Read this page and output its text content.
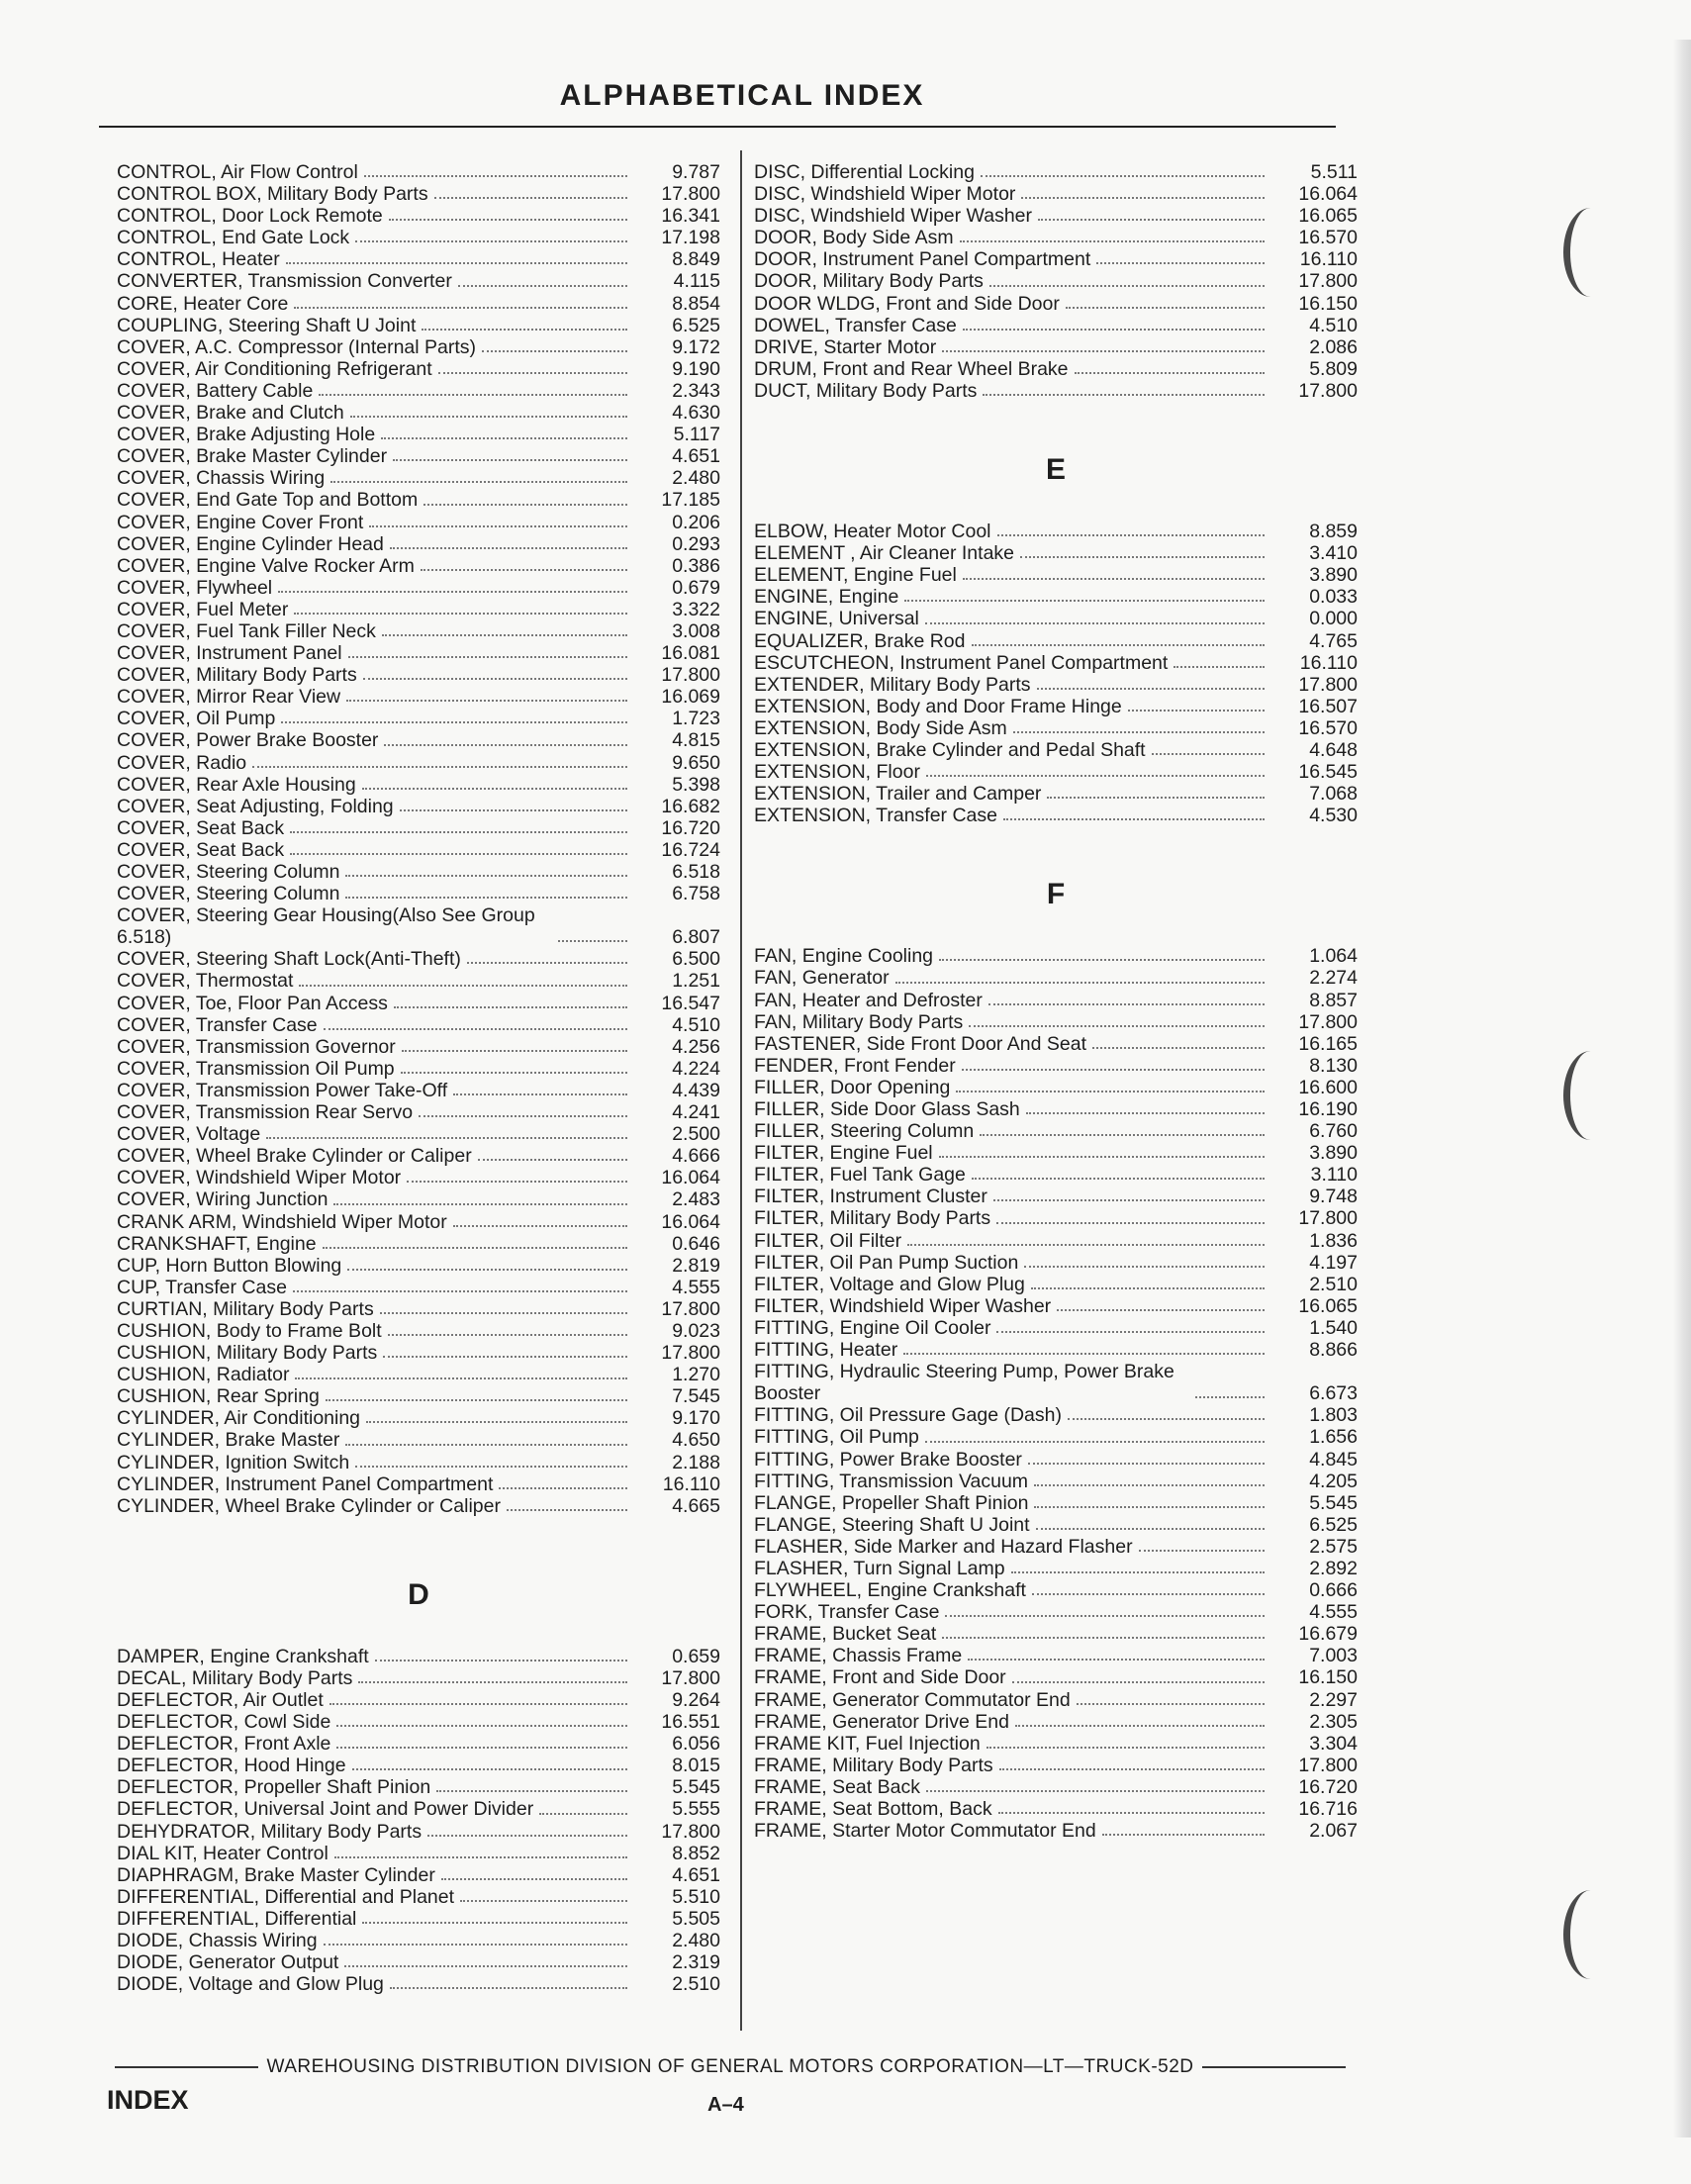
ALPHABETICAL INDEX
CONTROL, Air Flow Control	9.787
CONTROL BOX, Military Body Parts	17.800
CONTROL, Door Lock Remote	16.341
CONTROL, End Gate Lock	17.198
CONTROL, Heater	8.849
CONVERTER, Transmission Converter	4.115
CORE, Heater Core	8.854
COUPLING, Steering Shaft U Joint	6.525
COVER, A.C. Compressor (Internal Parts)	9.172
COVER, Air Conditioning Refrigerant	9.190
COVER, Battery Cable	2.343
COVER, Brake and Clutch	4.630
COVER, Brake Adjusting Hole	5.117
COVER, Brake Master Cylinder	4.651
COVER, Chassis Wiring	2.480
COVER, End Gate Top and Bottom	17.185
COVER, Engine Cover Front	0.206
COVER, Engine Cylinder Head	0.293
COVER, Engine Valve Rocker Arm	0.386
COVER, Flywheel	0.679
COVER, Fuel Meter	3.322
COVER, Fuel Tank Filler Neck	3.008
COVER, Instrument Panel	16.081
COVER, Military Body Parts	17.800
COVER, Mirror Rear View	16.069
COVER, Oil Pump	1.723
COVER, Power Brake Booster	4.815
COVER, Radio	9.650
COVER, Rear Axle Housing	5.398
COVER, Seat Adjusting, Folding	16.682
COVER, Seat Back	16.720
COVER, Seat Back	16.724
COVER, Steering Column	6.518
COVER, Steering Column	6.758
COVER, Steering Gear Housing(Also See Group 6.518)	6.807
COVER, Steering Shaft Lock(Anti-Theft)	6.500
COVER, Thermostat	1.251
COVER, Toe, Floor Pan Access	16.547
COVER, Transfer Case	4.510
COVER, Transmission Governor	4.256
COVER, Transmission Oil Pump	4.224
COVER, Transmission Power Take-Off	4.439
COVER, Transmission Rear Servo	4.241
COVER, Voltage	2.500
COVER, Wheel Brake Cylinder or Caliper	4.666
COVER, Windshield Wiper Motor	16.064
COVER, Wiring Junction	2.483
CRANK ARM, Windshield Wiper Motor	16.064
CRANKSHAFT, Engine	0.646
CUP, Horn Button Blowing	2.819
CUP, Transfer Case	4.555
CURTIAN, Military Body Parts	17.800
CUSHION, Body to Frame Bolt	9.023
CUSHION, Military Body Parts	17.800
CUSHION, Radiator	1.270
CUSHION, Rear Spring	7.545
CYLINDER, Air Conditioning	9.170
CYLINDER, Brake Master	4.650
CYLINDER, Ignition Switch	2.188
CYLINDER, Instrument Panel Compartment	16.110
CYLINDER, Wheel Brake Cylinder or Caliper	4.665
D
DAMPER, Engine Crankshaft	0.659
DECAL, Military Body Parts	17.800
DEFLECTOR, Air Outlet	9.264
DEFLECTOR, Cowl Side	16.551
DEFLECTOR, Front Axle	6.056
DEFLECTOR, Hood Hinge	8.015
DEFLECTOR, Propeller Shaft Pinion	5.545
DEFLECTOR, Universal Joint and Power Divider	5.555
DEHYDRATOR, Military Body Parts	17.800
DIAL KIT, Heater Control	8.852
DIAPHRAGM, Brake Master Cylinder	4.651
DIFFERENTIAL, Differential and Planet	5.510
DIFFERENTIAL, Differential	5.505
DIODE, Chassis Wiring	2.480
DIODE, Generator Output	2.319
DIODE, Voltage and Glow Plug	2.510
DISC, Differential Locking	5.511
DISC, Windshield Wiper Motor	16.064
DISC, Windshield Wiper Washer	16.065
DOOR, Body Side Asm	16.570
DOOR, Instrument Panel Compartment	16.110
DOOR, Military Body Parts	17.800
DOOR WLDG, Front and Side Door	16.150
DOWEL, Transfer Case	4.510
DRIVE, Starter Motor	2.086
DRUM, Front and Rear Wheel Brake	5.809
DUCT, Military Body Parts	17.800
E
ELBOW, Heater Motor Cool	8.859
ELEMENT , Air Cleaner Intake	3.410
ELEMENT, Engine Fuel	3.890
ENGINE, Engine	0.033
ENGINE, Universal	0.000
EQUALIZER, Brake Rod	4.765
ESCUTCHEON, Instrument Panel Compartment	16.110
EXTENDER, Military Body Parts	17.800
EXTENSION, Body and Door Frame Hinge	16.507
EXTENSION, Body Side Asm	16.570
EXTENSION, Brake Cylinder and Pedal Shaft	4.648
EXTENSION, Floor	16.545
EXTENSION, Trailer and Camper	7.068
EXTENSION, Transfer Case	4.530
F
FAN, Engine Cooling	1.064
FAN, Generator	2.274
FAN, Heater and Defroster	8.857
FAN, Military Body Parts	17.800
FASTENER, Side Front Door And Seat	16.165
FENDER, Front Fender	8.130
FILLER, Door Opening	16.600
FILLER, Side Door Glass Sash	16.190
FILLER, Steering Column	6.760
FILTER, Engine Fuel	3.890
FILTER, Fuel Tank Gage	3.110
FILTER, Instrument Cluster	9.748
FILTER, Military Body Parts	17.800
FILTER, Oil Filter	1.836
FILTER, Oil Pan Pump Suction	4.197
FILTER, Voltage and Glow Plug	2.510
FILTER, Windshield Wiper Washer	16.065
FITTING, Engine Oil Cooler	1.540
FITTING, Heater	8.866
FITTING, Hydraulic Steering Pump, Power Brake Booster	6.673
FITTING, Oil Pressure Gage (Dash)	1.803
FITTING, Oil Pump	1.656
FITTING, Power Brake Booster	4.845
FITTING, Transmission Vacuum	4.205
FLANGE, Propeller Shaft Pinion	5.545
FLANGE, Steering Shaft U Joint	6.525
FLASHER, Side Marker and Hazard Flasher	2.575
FLASHER, Turn Signal Lamp	2.892
FLYWHEEL, Engine Crankshaft	0.666
FORK, Transfer Case	4.555
FRAME, Bucket Seat	16.679
FRAME, Chassis Frame	7.003
FRAME, Front and Side Door	16.150
FRAME, Generator Commutator End	2.297
FRAME, Generator Drive End	2.305
FRAME KIT, Fuel Injection	3.304
FRAME, Military Body Parts	17.800
FRAME, Seat Back	16.720
FRAME, Seat Bottom, Back	16.716
FRAME, Starter Motor Commutator End	2.067
WAREHOUSING DISTRIBUTION DIVISION OF GENERAL MOTORS CORPORATION—LT—TRUCK-52D
INDEX	A–4
